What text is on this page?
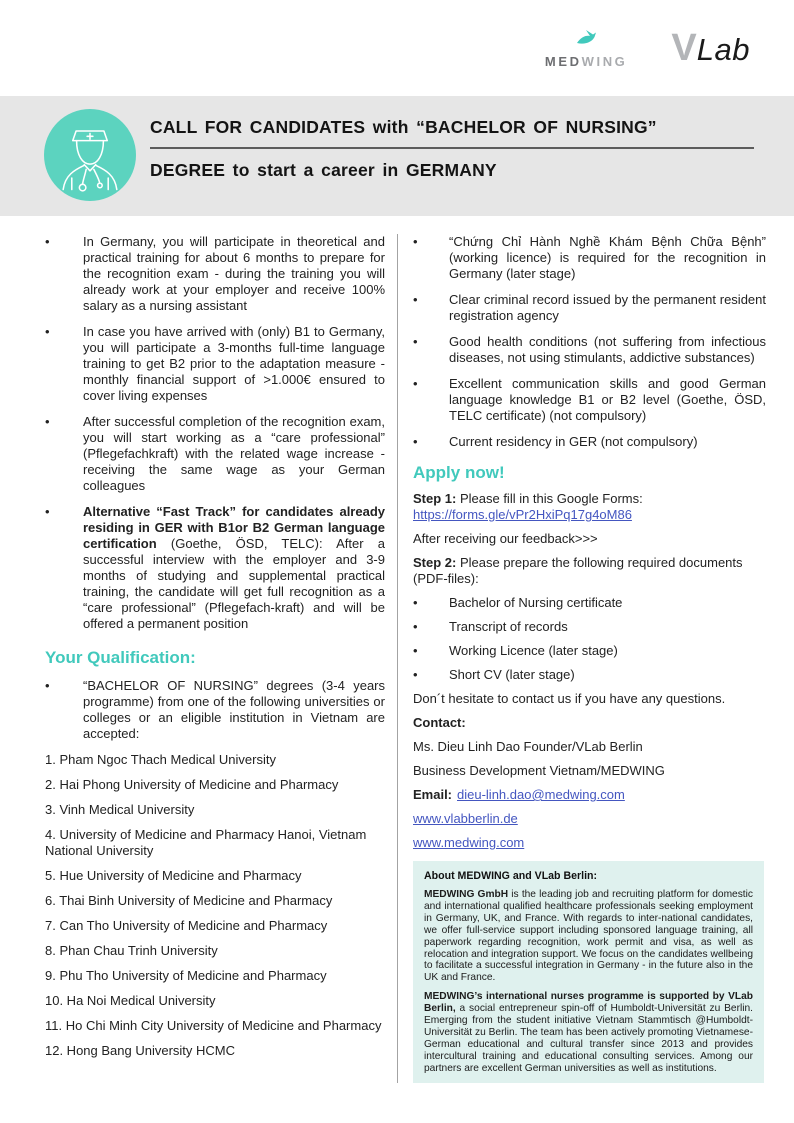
MEDWING V Lab

CALL FOR CANDIDATES with “BACHELOR OF NURSING”

DEGREE to start a career in GERMANY

•	In Germany, you will participate in theoretical and practical training for about 6 months to prepare for the recognition exam - during the training you will already work at your employer and receive 100% salary as a nursing assistant

•	In case you have arrived with (only) B1 to Germany, you will participate a 3-months full-time language training to get B2 prior to the adaptation measure - monthly financial support of >1.000€ ensured to cover living expenses

•	After successful completion of the recognition exam, you will start working as a “care professional” (Pflegefachkraft) with the related wage increase - receiving the same wage as your German colleagues

•	Alternative “Fast Track” for candidates already residing in GER with B1or B2 German language certification (Goethe, ÖSD, TELC): After a successful interview with the employer and 3-9 months of studying and supplemental practical training, the candidate will get full recognition as a “care professional” (Pflegefach-kraft) and will be offered a permanent position

Your Qualification:
•	“BACHELOR OF NURSING” degrees (3-4 years programme) from one of the following universities or colleges or an eligible institution in Vietnam are accepted:

1. Pham Ngoc Thach Medical University

2. Hai Phong University of Medicine and Pharmacy

3. Vinh Medical University

4. University of Medicine and Pharmacy Hanoi, Vietnam National University

5. Hue University of Medicine and Pharmacy

6. Thai Binh University of Medicine and Pharmacy

7. Can Tho University of Medicine and Pharmacy

8. Phan Chau Trinh University

9. Phu Tho University of Medicine and Pharmacy

10. Ha Noi Medical University

11. Ho Chi Minh City University of Medicine and Pharmacy

12. Hong Bang University HCMC

•	“Chứng Chỉ Hành Nghề Khám Bệnh Chữa Bệnh” (working licence) is required for the recognition in Germany (later stage)

•	Clear criminal record issued by the permanent resident registration agency

•	Good health conditions (not suffering from infectious diseases, not using stimulants, addictive substances)

•	Excellent communication skills and good German language knowledge B1 or B2 level (Goethe, ÖSD, TELC certificate) (not compulsory)

•	Current residency in GER (not compulsory)

Apply now!

Step 1: Please fill in this Google Forms:
https://forms.gle/vPr2HxiPq17g4oM86

After receiving our feedback>>>

Step 2: Please prepare the following required documents (PDF-files):

•	Bachelor of Nursing certificate

•	Transcript of records

•	Working Licence (later stage)

•	Short CV (later stage)

Don´t hesitate to contact us if you have any questions.

Contact:

Ms. Dieu Linh Dao Founder/VLab Berlin

Business Development Vietnam/MEDWING

Email: dieu-linh.dao@medwing.com

www.vlabberlin.de

www.medwing.com

About MEDWING and VLab Berlin:

MEDWING GmbH is the leading job and recruiting platform for domestic and international qualified healthcare professionals seeking employment in Germany, UK, and France. With regards to inter-national candidates, we offer full-service support including sponsored language training, all paperwork regarding recognition, work permit and visa, as well as relocation and integration support. We focus on the candidates wellbeing to facilitate a successful integration in Germany - in the future also in the UK and France.

MEDWING’s international nurses programme is supported by VLab Berlin, a social entrepreneur spin-off of Humboldt-Universität zu Berlin. Emerging from the student initiative Vietnam Stammtisch @Humboldt-Universität zu Berlin. The team has been actively promoting Vietnamese-German educational and cultural transfer since 2013 and provides intercultural training and educational consulting services. Among our partners are excellent German universities as well as institutions.
